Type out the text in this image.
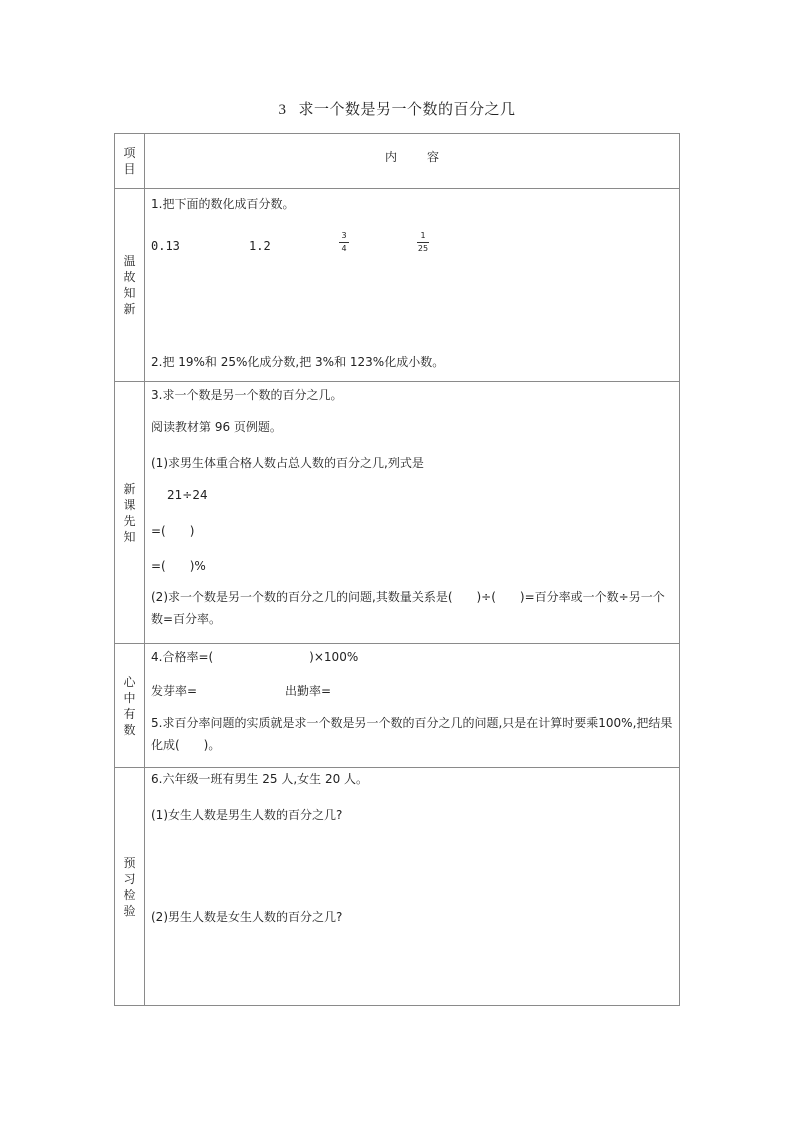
3 求一个数是另一个数的百分之几
项
目
内容
温
故
知
新
1.把下面的数化成百分数。
0.13	1.2
3
4
1
25
2.把 19%和 25%化成分数,把 3%和 123%化成小数。
新
课
先
知
3.求一个数是另一个数的百分之几。
阅读教材第 96 页例题。
(1)求男生体重合格人数占总人数的百分之几,列式是
21÷24
=(　　)
=(　　)%
(2)求一个数是另一个数的百分之几的问题,其数量关系是(　　)÷(　　)=百分率或一个数÷另一个数=百分率。
心
中
有
数
4.合格率=(　　　　　　　　)×100%
发芽率=	出勤率=
5.求百分率问题的实质就是求一个数是另一个数的百分之几的问题,只是在计算时要乘100%,把结果化成(　　)。
预
习
检
验
6.六年级一班有男生 25 人,女生 20 人。
(1)女生人数是男生人数的百分之几?
(2)男生人数是女生人数的百分之几?
